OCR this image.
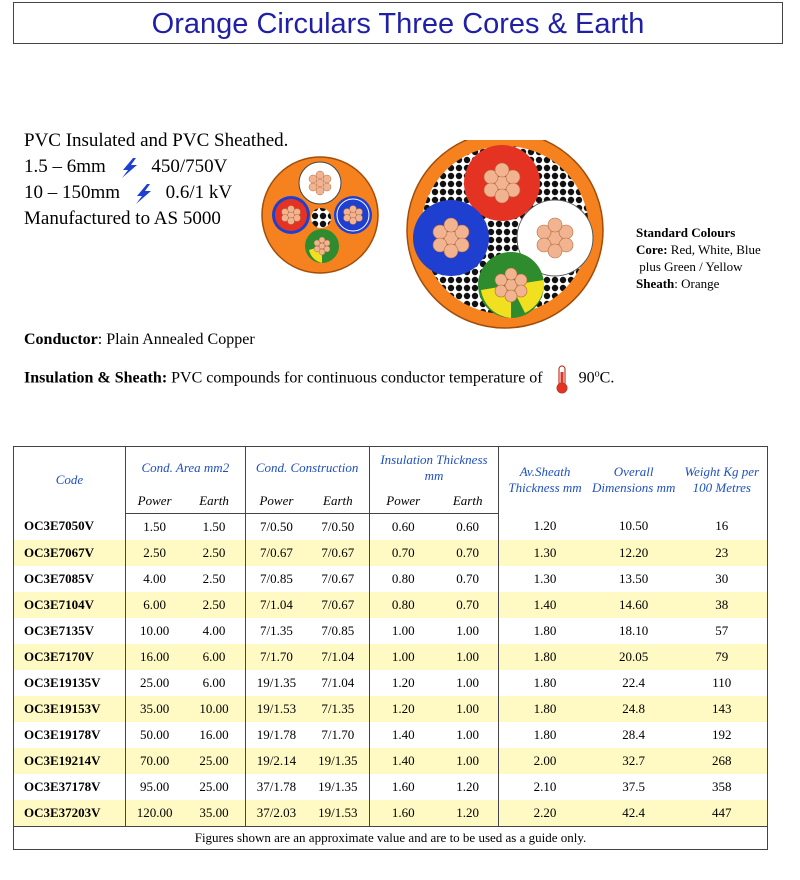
Orange Circulars Three Cores & Earth
PVC Insulated and PVC Sheathed.
1.5 – 6mm 450/750V
10 – 150mm 0.6/1 kV
Manufactured to AS 5000
Standard Colours
Core: Red, White, Blue
plus Green / Yellow
Sheath: Orange
Conductor: Plain Annealed Copper
Insulation & Sheath: PVC compounds for continuous conductor temperature of 90$^o$C.
Code	Cond. Area mm2		Cond. Construction		Insulation Thickness mm		Av.Sheath Thickness mm	Overall Dimensions mm	Weight Kg per 100 Metres
	Power	Earth	Power	Earth	Power	Earth			
OC3E7050V	1.50	1.50	7/0.50	7/0.50	0.60	0.60	1.20	10.50	16
OC3E7067V	2.50	2.50	7/0.67	7/0.67	0.70	0.70	1.30	12.20	23
OC3E7085V	4.00	2.50	7/0.85	7/0.67	0.80	0.70	1.30	13.50	30
OC3E7104V	6.00	2.50	7/1.04	7/0.67	0.80	0.70	1.40	14.60	38
OC3E7135V	10.00	4.00	7/1.35	7/0.85	1.00	1.00	1.80	18.10	57
OC3E7170V	16.00	6.00	7/1.70	7/1.04	1.00	1.00	1.80	20.05	79
OC3E19135V	25.00	6.00	19/1.35	7/1.04	1.20	1.00	1.80	22.4	110
OC3E19153V	35.00	10.00	19/1.53	7/1.35	1.20	1.00	1.80	24.8	143
OC3E19178V	50.00	16.00	19/1.78	7/1.70	1.40	1.00	1.80	28.4	192
OC3E19214V	70.00	25.00	19/2.14	19/1.35	1.40	1.00	2.00	32.7	268
OC3E37178V	95.00	25.00	37/1.78	19/1.35	1.60	1.20	2.10	37.5	358
OC3E37203V	120.00	35.00	37/2.03	19/1.53	1.60	1.20	2.20	42.4	447
Figures shown are an approximate value and are to be used as a guide only.									
